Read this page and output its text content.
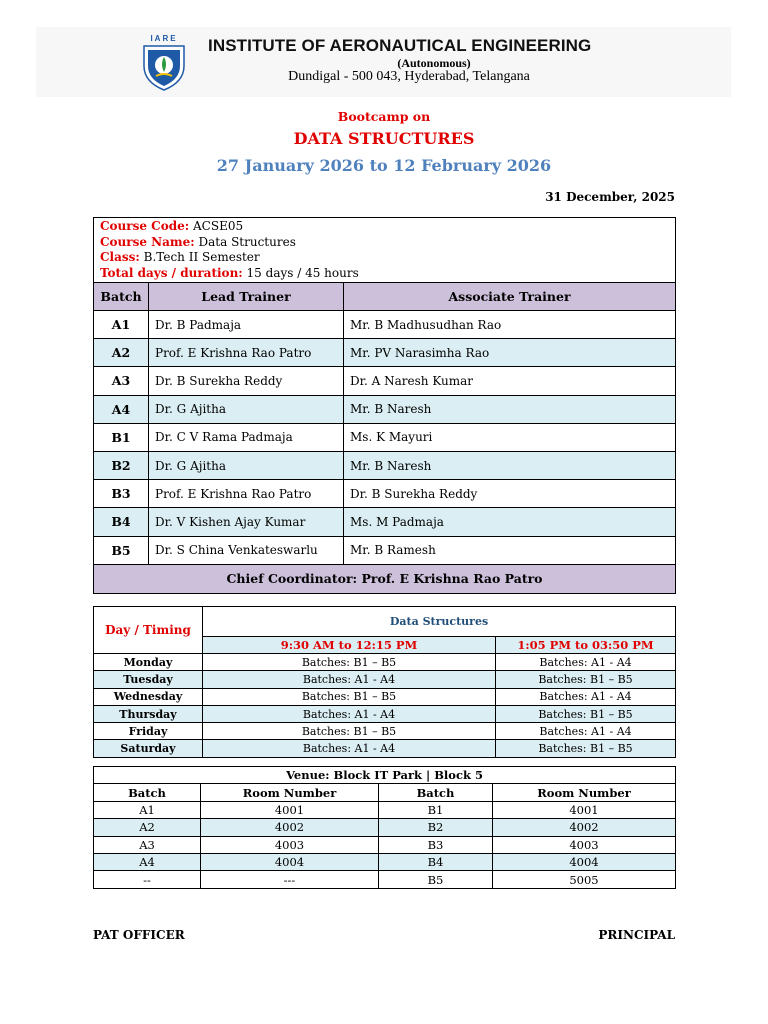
IARE INSTITUTE OF AERONAUTICAL ENGINEERING
(Autonomous)
Dundigal - 500 043, Hyderabad, Telangana
Bootcamp on
DATA STRUCTURES
27 January 2026 to 12 February 2026
31 December, 2025
Course Code: ACSE05
Course Name: Data Structures
Class: B.Tech II Semester
Total days / duration: 15 days / 45 hours		

Batch	Lead Trainer	Associate Trainer
A1	Dr. B Padmaja	Mr. B Madhusudhan Rao
A2	Prof. E Krishna Rao Patro	Mr. PV Narasimha Rao
A3	Dr. B Surekha Reddy	Dr. A Naresh Kumar
A4	Dr. G Ajitha	Mr. B Naresh
B1	Dr. C V Rama Padmaja	Ms. K Mayuri
B2	Dr. G Ajitha	Mr. B Naresh
B3	Prof. E Krishna Rao Patro	Dr. B Surekha Reddy
B4	Dr. V Kishen Ajay Kumar	Ms. M Padmaja
B5	Dr. S China Venkateswarlu	Mr. B Ramesh
Chief Coordinator: Prof. E Krishna Rao Patro		
Day / Timing	Data Structures	
	9:30 AM to 12:15 PM	1:05 PM to 03:50 PM
Monday	Batches: B1 – B5	Batches: A1 - A4
Tuesday	Batches: A1 - A4	Batches: B1 – B5
Wednesday	Batches: B1 – B5	Batches: A1 - A4
Thursday	Batches: A1 - A4	Batches: B1 – B5
Friday	Batches: B1 – B5	Batches: A1 - A4
Saturday	Batches: A1 - A4	Batches: B1 – B5
Venue: Block IT Park | Block 5			
Batch	Room Number	Batch	Room Number
A1	4001	B1	4001
A2	4002	B2	4002
A3	4003	B3	4003
A4	4004	B4	4004
--	---	B5	5005
PAT OFFICER	PRINCIPAL
